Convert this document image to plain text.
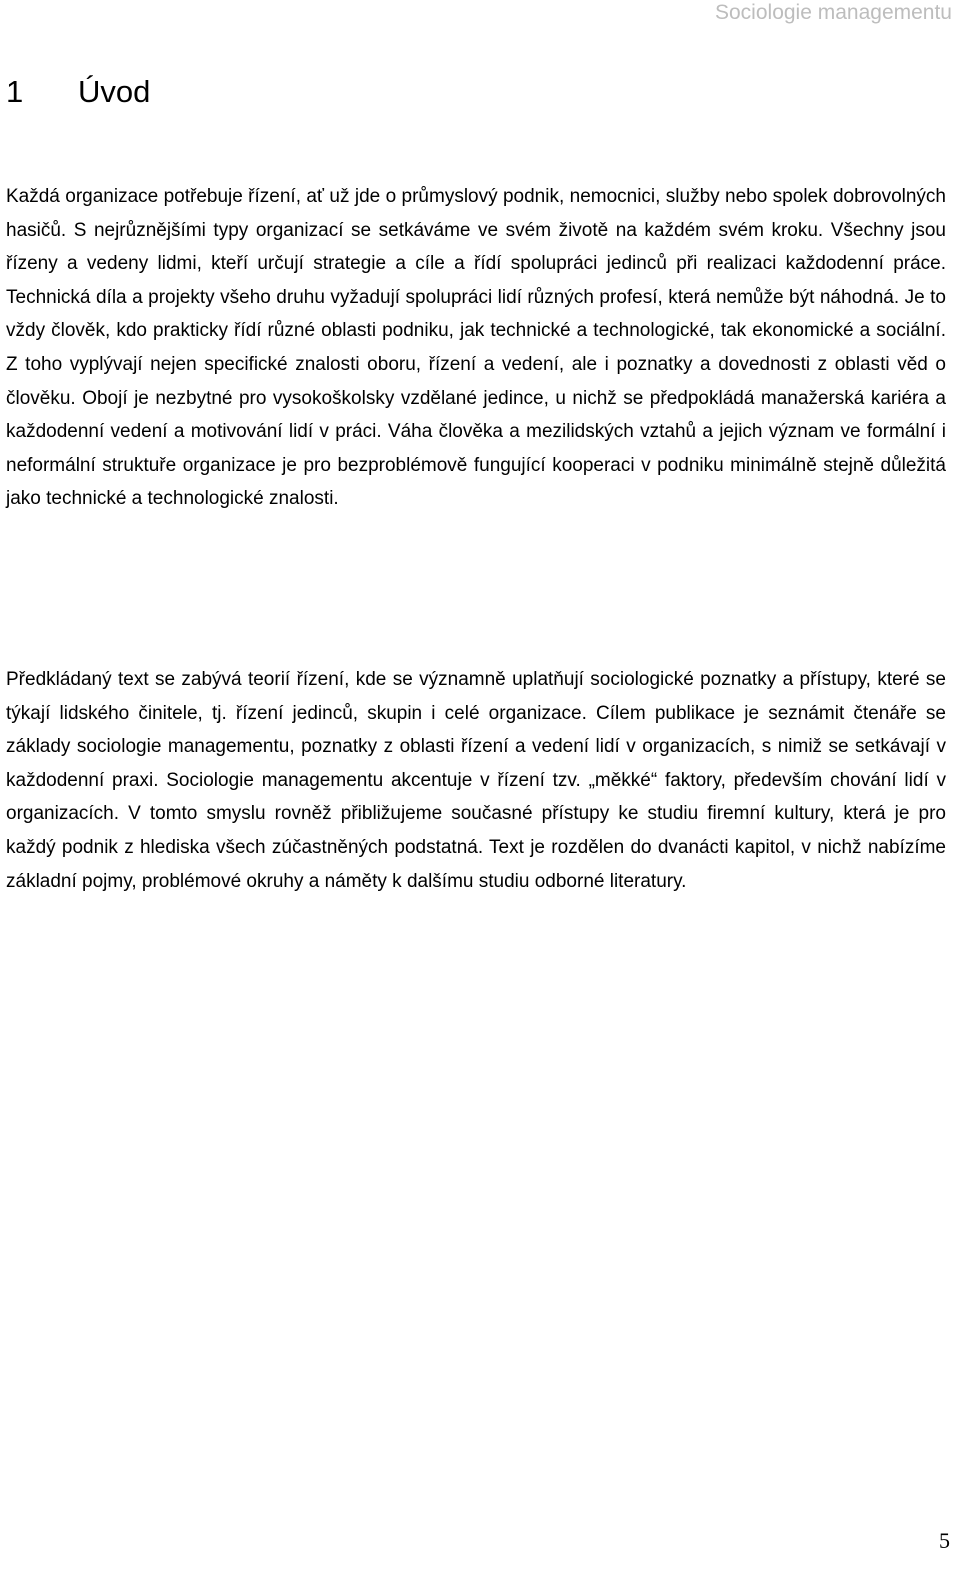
Sociologie managementu
1 Úvod

Každá organizace potřebuje řízení, ať už jde o průmyslový podnik, nemocnici, služby nebo spolek dobrovolných hasičů. S nejrůznějšími typy organizací se setkáváme ve svém životě na každém svém kroku. Všechny jsou řízeny a vedeny lidmi, kteří určují strategie a cíle a řídí spolupráci jedinců při realizaci každodenní práce. Technická díla a projekty všeho druhu vyžadují spolupráci lidí různých profesí, která nemůže být náhodná. Je to vždy člověk, kdo prakticky řídí různé oblasti podniku, jak technické a technologické, tak ekonomické a sociální. Z toho vyplývají nejen specifické znalosti oboru, řízení a vedení, ale i poznatky a dovednosti z oblasti věd o člověku. Obojí je nezbytné pro vysokoškolsky vzdělané jedince, u nichž se předpokládá manažerská kariéra a každodenní vedení a motivování lidí v práci. Váha člověka a mezilidských vztahů a jejich význam ve formální i neformální struktuře organizace je pro bezproblémově fungující kooperaci v podniku minimálně stejně důležitá jako technické a technologické znalosti.

Předkládaný text se zabývá teorií řízení, kde se významně uplatňují sociologické poznatky a přístupy, které se týkají lidského činitele, tj. řízení jedinců, skupin i celé organizace. Cílem publikace je seznámit čtenáře se základy sociologie managementu, poznatky z oblasti řízení a vedení lidí v organizacích, s nimiž se setkávají v každodenní praxi. Sociologie managementu akcentuje v řízení tzv. „měkké“ faktory, především chování lidí v organizacích. V tomto smyslu rovněž přibližujeme současné přístupy ke studiu firemní kultury, která je pro každý podnik z hlediska všech zúčastněných podstatná. Text je rozdělen do dvanácti kapitol, v nichž nabízíme základní pojmy, problémové okruhy a náměty k dalšímu studiu odborné literatury.

5
